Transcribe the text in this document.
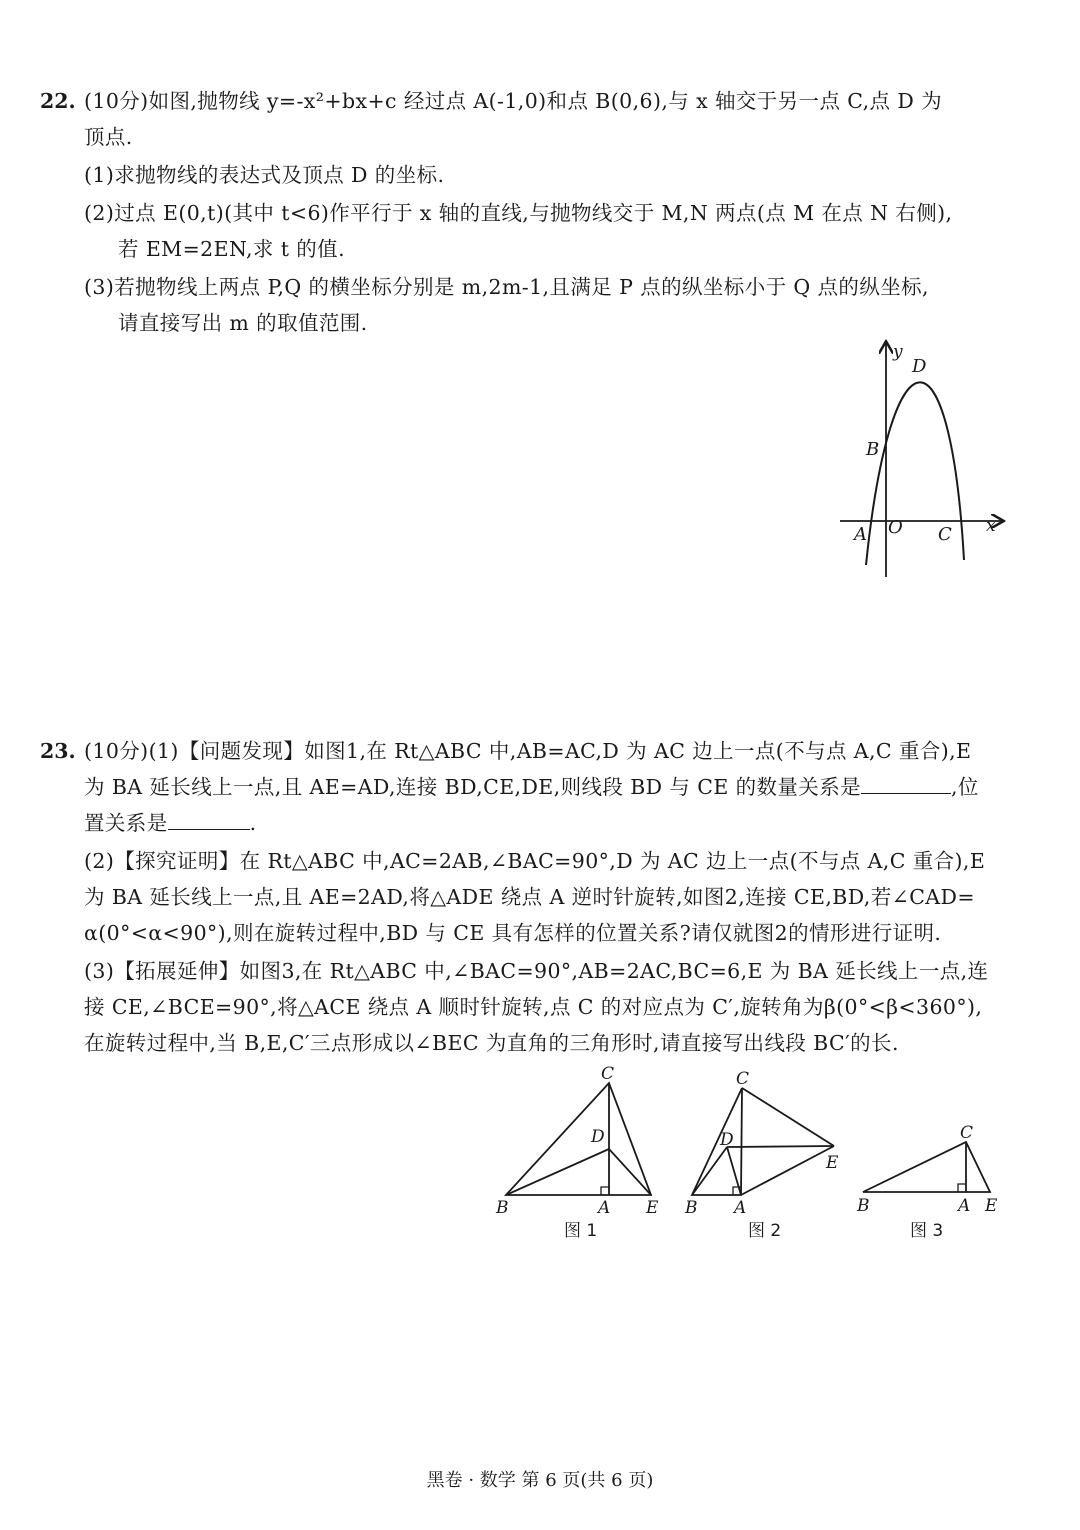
22. (10分)如图,抛物线 y=-x²+bx+c 经过点 A(-1,0)和点 B(0,6),与 x 轴交于另一点 C,点 D 为
顶点.
(1)求抛物线的表达式及顶点 D 的坐标.
(2)过点 E(0,t)(其中 t<6)作平行于 x 轴的直线,与抛物线交于 M,N 两点(点 M 在点 N 右侧),
若 EM=2EN,求 t 的值.
(3)若抛物线上两点 P,Q 的横坐标分别是 m,2m-1,且满足 P 点的纵坐标小于 Q 点的纵坐标,
请直接写出 m 的取值范围.
y
D
B
A O C x
23. (10分)(1)【问题发现】如图1,在 Rt△ABC 中,AB=AC,D 为 AC 边上一点(不与点 A,C 重合),E
为 BA 延长线上一点,且 AE=AD,连接 BD,CE,DE,则线段 BD 与 CE 的数量关系是	,位
置关系是	.
(2)【探究证明】在 Rt△ABC 中,AC=2AB,∠BAC=90°,D 为 AC 边上一点(不与点 A,C 重合),E
为 BA 延长线上一点,且 AE=2AD,将△ADE 绕点 A 逆时针旋转,如图2,连接 CE,BD,若∠CAD=
α(0°<α<90°),则在旋转过程中,BD 与 CE 具有怎样的位置关系?请仅就图2的情形进行证明.
(3)【拓展延伸】如图3,在 Rt△ABC 中,∠BAC=90°,AB=2AC,BC=6,E 为 BA 延长线上一点,连
接 CE,∠BCE=90°,将△ACE 绕点 A 顺时针旋转,点 C 的对应点为 C′,旋转角为β(0°<β<360°),
在旋转过程中,当 B,E,C′三点形成以∠BEC 为直角的三角形时,请直接写出线段 BC′的长.
C
D
B	A E
图 1
C
D
E
B A
图 2
C
B	A E
图 3
黑卷 · 数学 第 6 页(共 6 页)
